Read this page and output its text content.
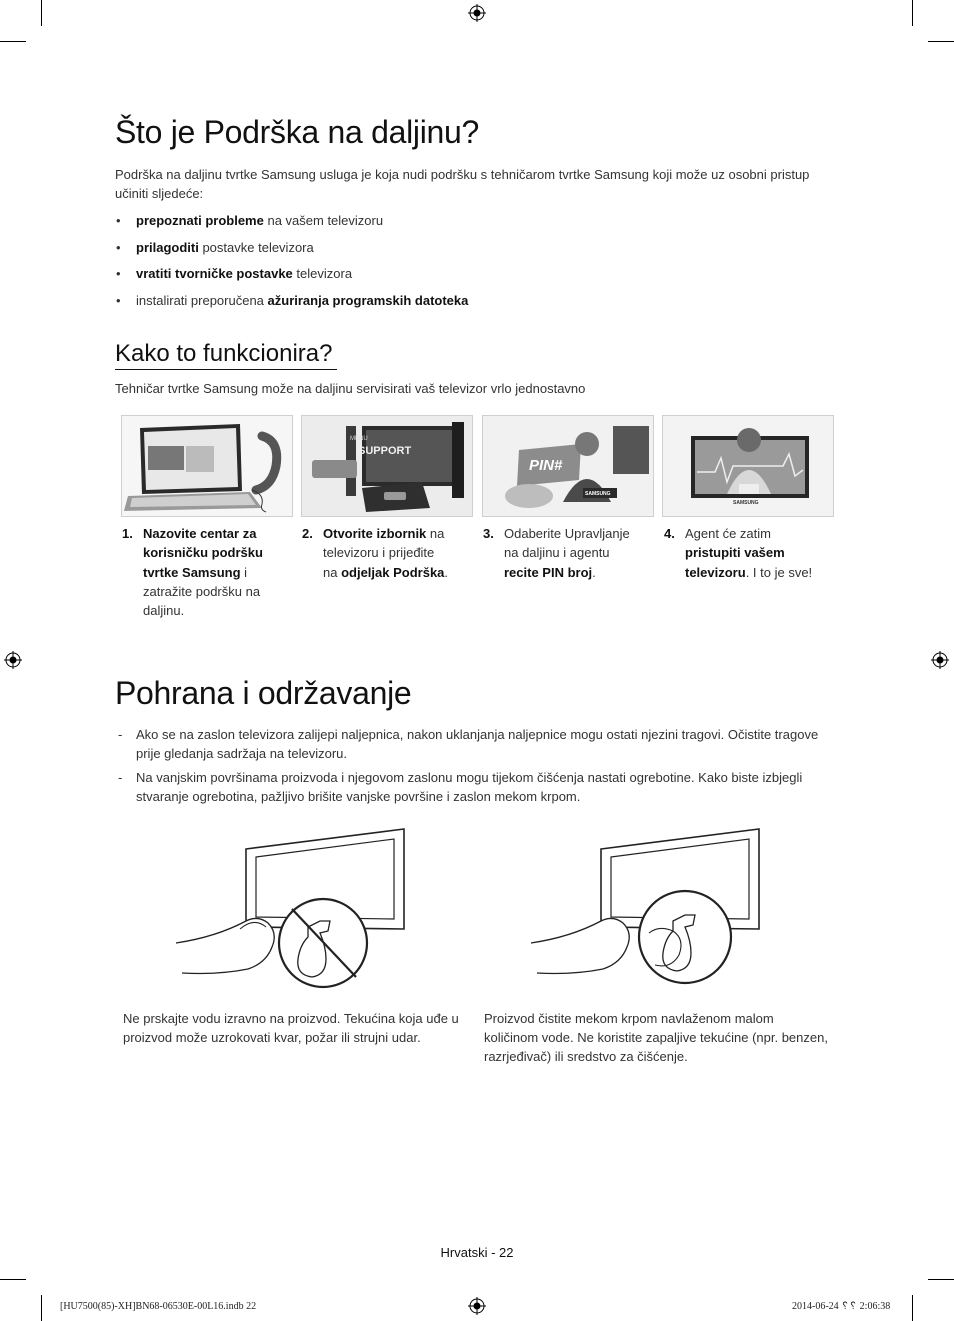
Što je Podrška na daljinu?
Podrška na daljinu tvrtke Samsung usluga je koja nudi podršku s tehničarom tvrtke Samsung koji može uz osobni pristup učiniti sljedeće:
• prepoznati probleme na vašem televizoru
• prilagoditi postavke televizora
• vratiti tvorničke postavke televizora
• instalirati preporučena ažuriranja programskih datoteka
Kako to funkcionira?
Tehničar tvrtke Samsung može na daljinu servisirati vaš televizor vrlo jednostavno
MENU
SUPPORT
PIN#
SAMSUNG
SAMSUNG
1. Nazovite centar za korisničku podršku tvrtke Samsung i zatražite podršku na daljinu.
2. Otvorite izbornik na televizoru i prijeđite na odjeljak Podrška.
3. Odaberite Upravljanje na daljinu i agentu recite PIN broj.
4. Agent će zatim pristupiti vašem televizoru. I to je sve!
Pohrana i održavanje
- Ako se na zaslon televizora zalijepi naljepnica, nakon uklanjanja naljepnice mogu ostati njezini tragovi. Očistite tragove prije gledanja sadržaja na televizoru.
- Na vanjskim površinama proizvoda i njegovom zaslonu mogu tijekom čišćenja nastati ogrebotine. Kako biste izbjegli stvaranje ogrebotina, pažljivo brišite vanjske površine i zaslon mekom krpom.
Ne prskajte vodu izravno na proizvod. Tekućina koja uđe u proizvod može uzrokovati kvar, požar ili strujni udar.
Proizvod čistite mekom krpom navlaženom malom količinom vode. Ne koristite zapaljive tekućine (npr. benzen, razrjeđivač) ili sredstvo za čišćenje.
Hrvatski - 22
[HU7500(85)-XH]BN68-06530E-00L16.indb 22	2014-06-24 ␦␦ 2:06:38
